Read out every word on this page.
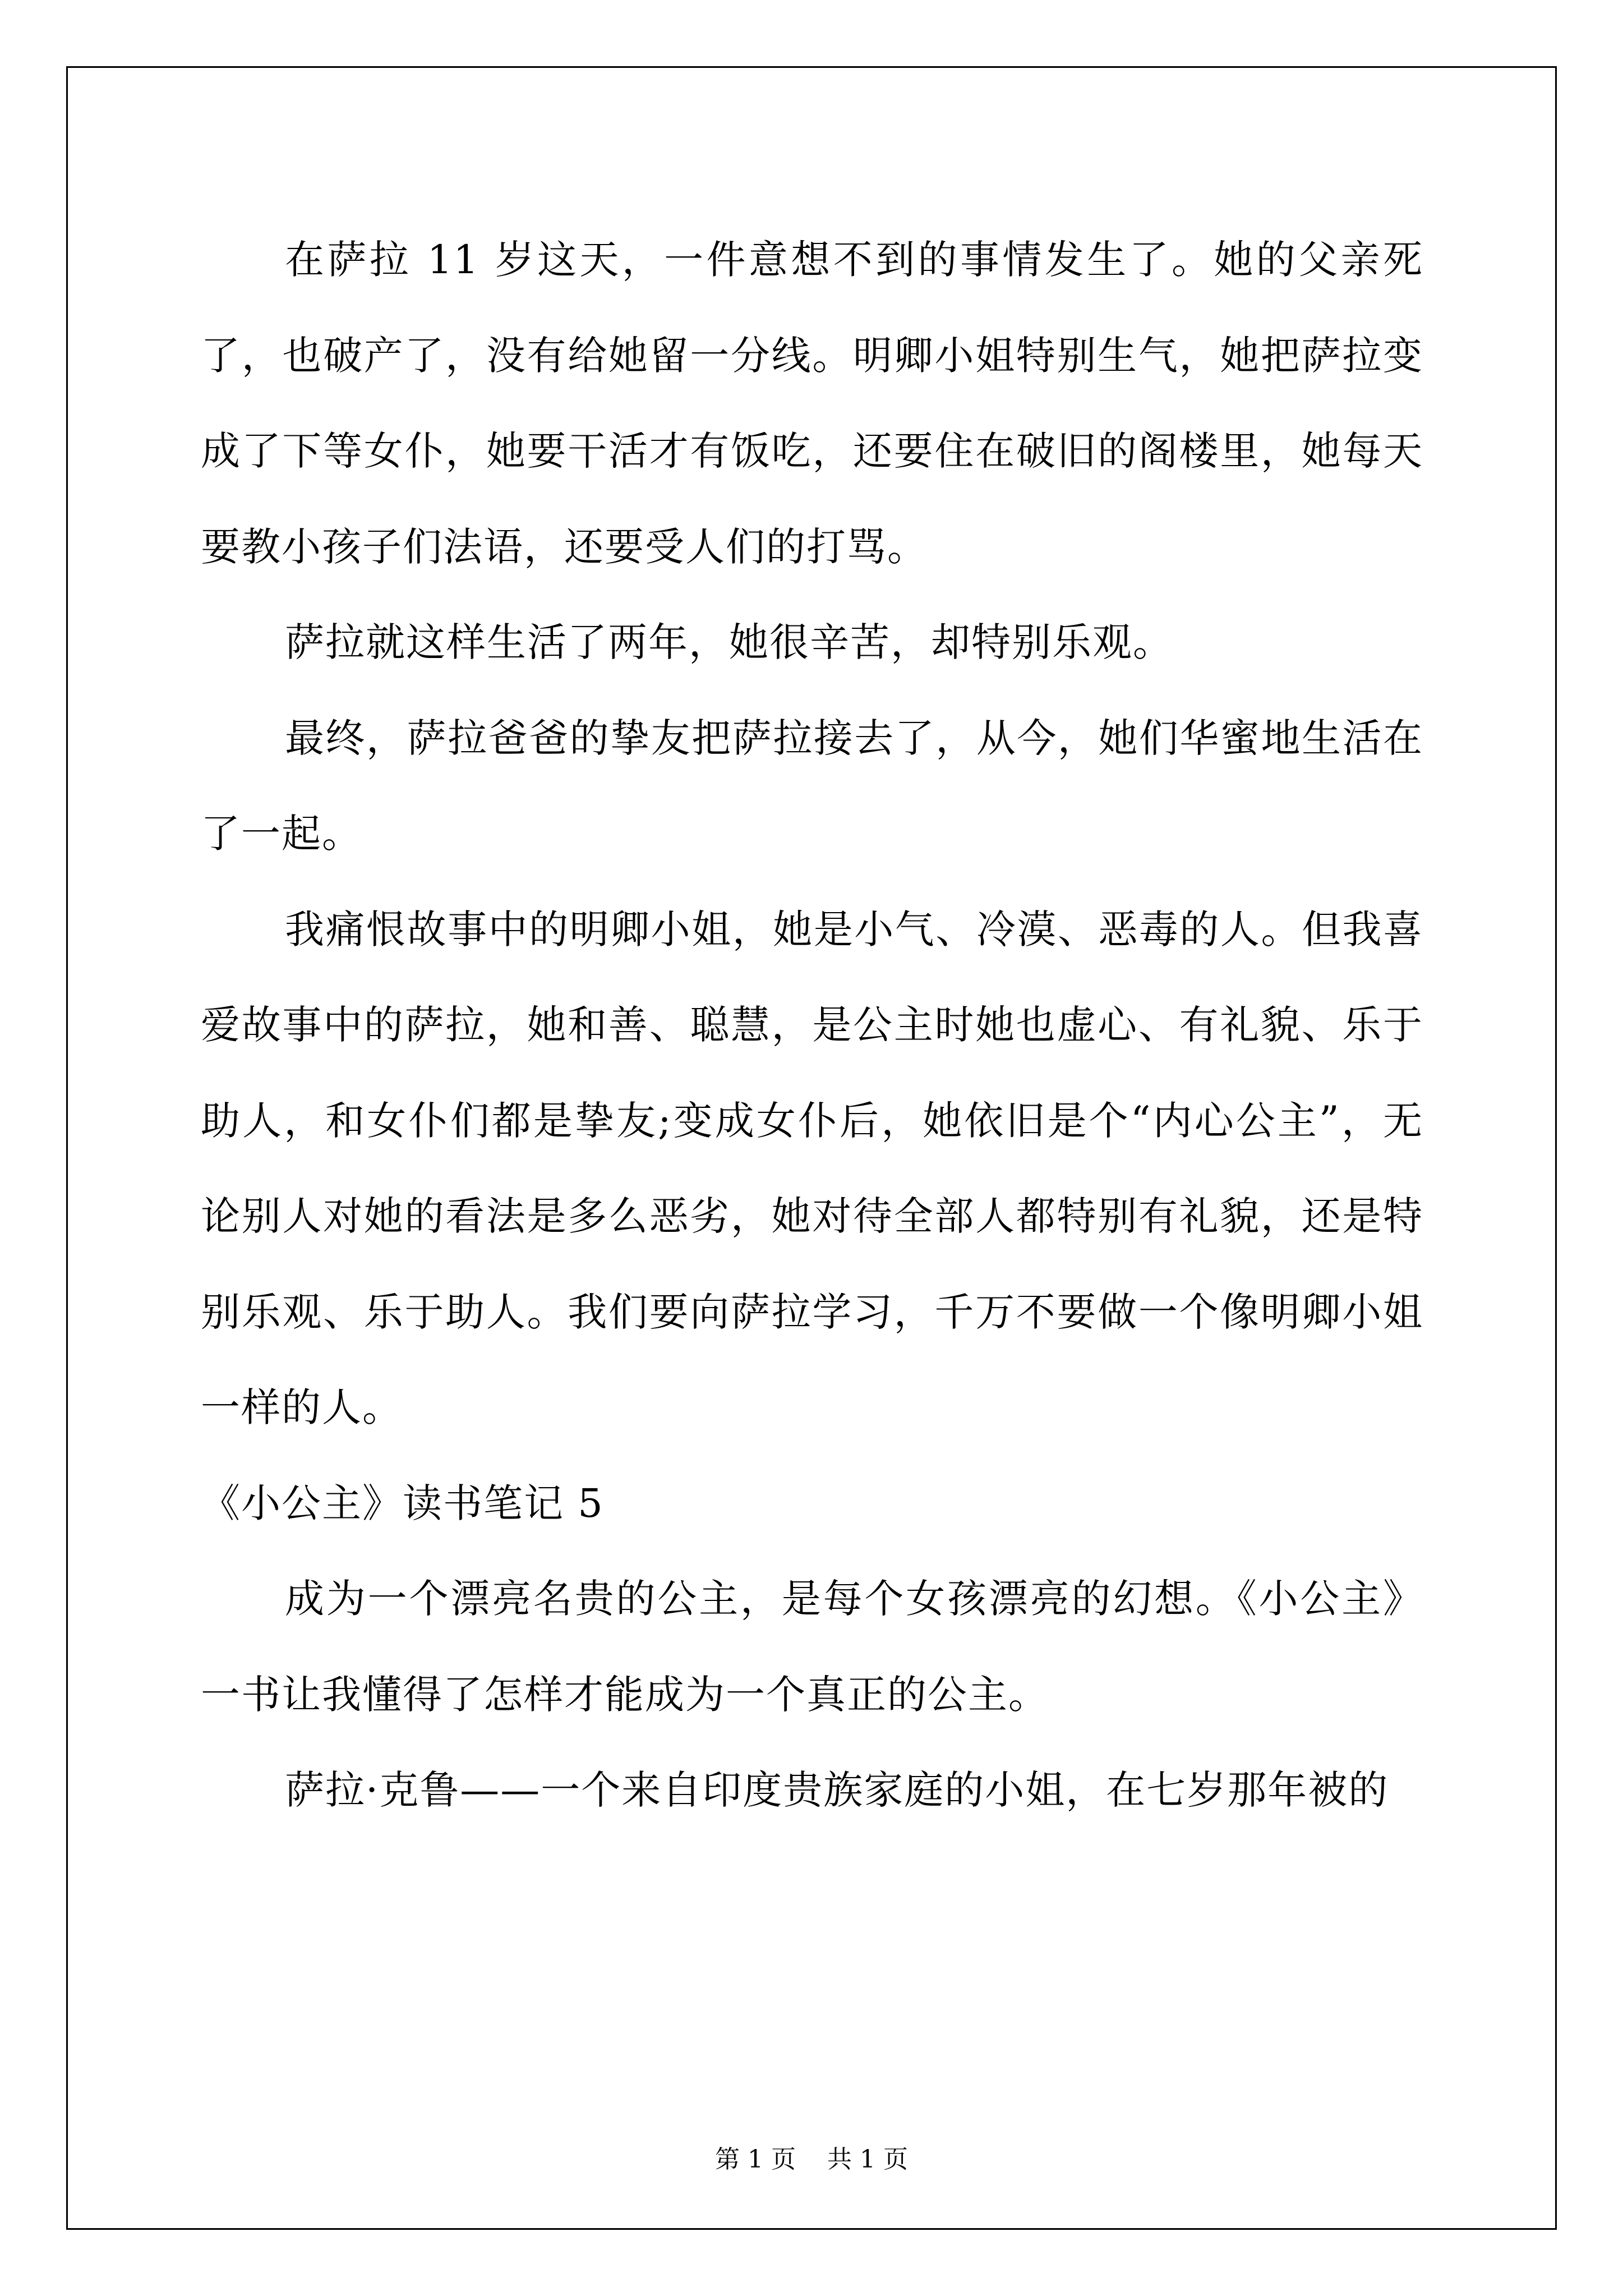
在萨拉 11 岁这天，一件意想不到的事情发生了。她的父亲死了，也破产了，没有给她留一分线。明卿小姐特别生气，她把萨拉变成了下等女仆，她要干活才有饭吃，还要住在破旧的阁楼里，她每天要教小孩子们法语，还要受人们的打骂。

萨拉就这样生活了两年，她很辛苦，却特别乐观。

最终，萨拉爸爸的挚友把萨拉接去了，从今，她们华蜜地生活在了一起。

我痛恨故事中的明卿小姐，她是小气、冷漠、恶毒的人。但我喜爱故事中的萨拉，她和善、聪慧，是公主时她也虚心、有礼貌、乐于助人，和女仆们都是挚友;变成女仆后，她依旧是个“内心公主”，无论别人对她的看法是多么恶劣，她对待全部人都特别有礼貌，还是特别乐观、乐于助人。我们要向萨拉学习，千万不要做一个像明卿小姐一样的人。

《小公主》读书笔记 5

成为一个漂亮名贵的公主，是每个女孩漂亮的幻想。《小公主》一书让我懂得了怎样才能成为一个真正的公主。

萨拉·克鲁——一个来自印度贵族家庭的小姐，在七岁那年被的

第 1 页 共 1 页
